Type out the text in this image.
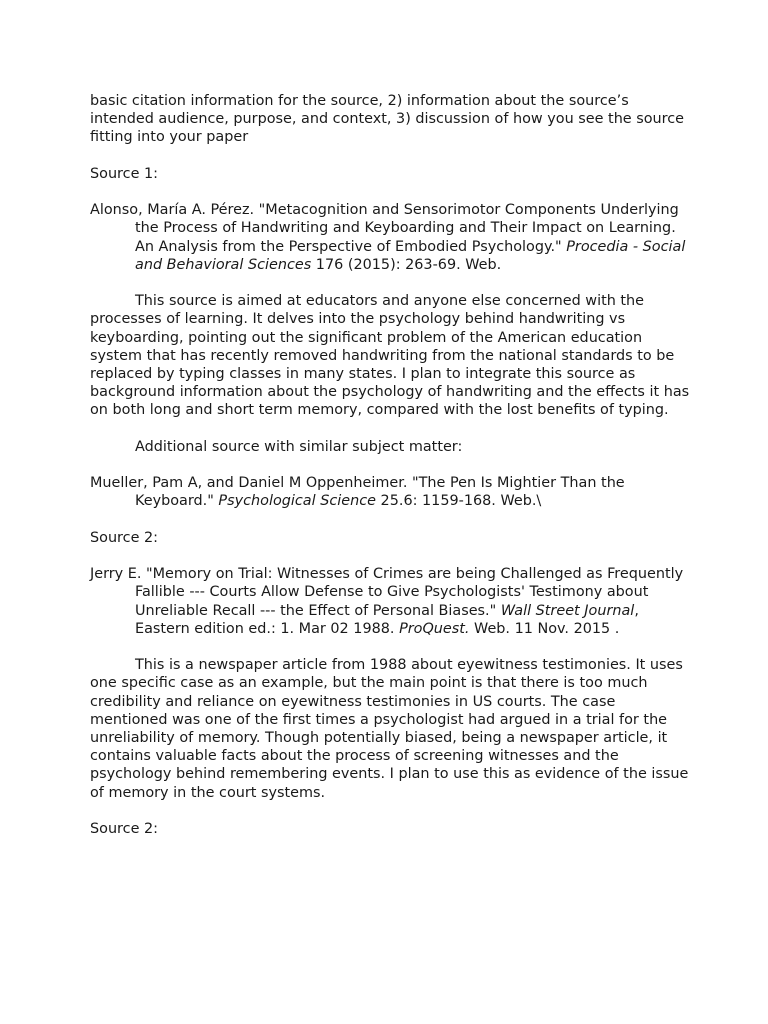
basic citation information for the source, 2) information about the source’s intended audience, purpose, and context, 3) discussion of how you see the source fitting into your paper

Source 1:

Alonso, María A. Pérez. "Metacognition and Sensorimotor Components Underlying the Process of Handwriting and Keyboarding and Their Impact on Learning. An Analysis from the Perspective of Embodied Psychology." Procedia - Social and Behavioral Sciences 176 (2015): 263-69. Web.

This source is aimed at educators and anyone else concerned with the processes of learning. It delves into the psychology behind handwriting vs keyboarding, pointing out the significant problem of the American education system that has recently removed handwriting from the national standards to be replaced by typing classes in many states. I plan to integrate this source as background information about the psychology of handwriting and the effects it has on both long and short term memory, compared with the lost benefits of typing.

Additional source with similar subject matter:

Mueller, Pam A, and Daniel M Oppenheimer. "The Pen Is Mightier Than the Keyboard." Psychological Science 25.6: 1159-168. Web.\

Source 2:

Jerry E. "Memory on Trial: Witnesses of Crimes are being Challenged as Frequently Fallible --- Courts Allow Defense to Give Psychologists' Testimony about Unreliable Recall --- the Effect of Personal Biases." Wall Street Journal, Eastern edition ed.: 1. Mar 02 1988. ProQuest. Web. 11 Nov. 2015 .

This is a newspaper article from 1988 about eyewitness testimonies. It uses one specific case as an example, but the main point is that there is too much credibility and reliance on eyewitness testimonies in US courts. The case mentioned was one of the first times a psychologist had argued in a trial for the unreliability of memory. Though potentially biased, being a newspaper article, it contains valuable facts about the process of screening witnesses and the psychology behind remembering events. I plan to use this as evidence of the issue of memory in the court systems.

Source 2:
